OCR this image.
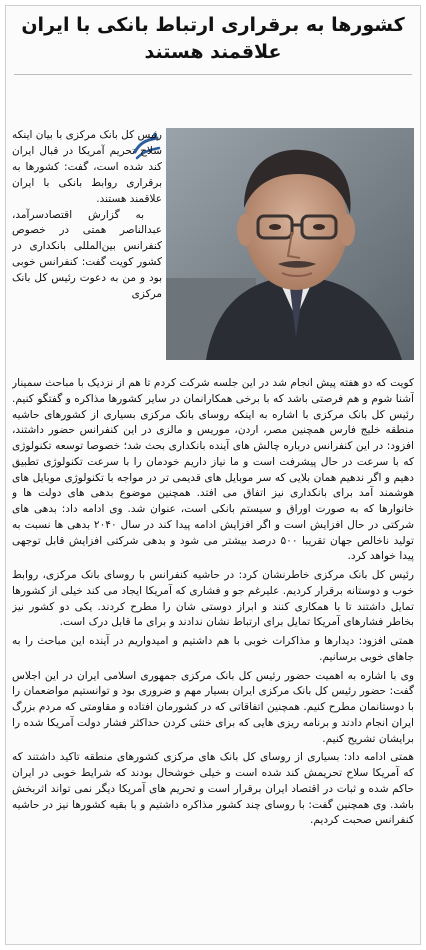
کشورها به برقراری ارتباط بانکی با ایران
علاقمند هستند

رئیس کل بانک مرکزی با بیان اینکه سلاح تحریم آمریکا در قبال ایران کند شده است، گفت: کشورها به برقراری روابط بانکی با ایران علاقمند هستند.

به گزارش اقتصادسرآمد، عبدالناصر همتی در خصوص کنفرانس بین‌المللی بانکداری در کشور کویت گفت: کنفرانس خوبی بود و من به دعوت رئیس کل بانک مرکزی

کویت که دو هفته پیش انجام شد در این جلسه شرکت کردم تا هم از نزدیک با مباحث سمینار آشنا شوم و هم فرصتی باشد که با برخی همکارانمان در سایر کشورها مذاکره و گفتگو کنیم. رئیس کل بانک مرکزی با اشاره به اینکه روسای بانک مرکزی بسیاری از کشورهای حاشیه منطقه خلیج فارس همچنین مصر، اردن، موریس و مالزی در این کنفرانس حضور داشتند، افزود: در این کنفرانس درباره چالش های آینده بانکداری بحث شد؛ خصوصا توسعه تکنولوژی که با سرعت در حال پیشرفت است و ما نیاز داریم خودمان را با سرعت تکنولوژی تطبیق دهیم و اگر ندهیم همان بلایی که سر موبایل های قدیمی تر در مواجه با تکنولوژی موبایل های هوشمند آمد برای بانکداری نیز اتفاق می افتد. همچنین موضوع بدهی های دولت ها و خانوارها که به صورت اوراق و سیستم بانکی است، عنوان شد. وی ادامه داد: بدهی های شرکتی در حال افزایش است و اگر افزایش ادامه پیدا کند در سال ۲۰۴۰ بدهی ها نسبت به تولید ناخالص جهان تقریبا ۵۰۰ درصد بیشتر می شود و بدهی شرکتی افزایش قابل توجهی پیدا خواهد کرد.

رئیس کل بانک مرکزی خاطرنشان کرد: در حاشیه کنفرانس با روسای بانک مرکزی، روابط خوب و دوستانه برقرار کردیم. علیرغم جو و فشاری که آمریکا ایجاد می کند خیلی از کشورها تمایل داشتند تا با همکاری کنند و ابراز دوستی شان را مطرح کردند. یکی دو کشور نیز بخاطر فشارهای آمریکا تمایل برای ارتباط نشان ندادند و برای ما قابل درک است.

همتی افزود: دیدارها و مذاکرات خوبی با هم داشتیم و امیدواریم در آینده این مباحث را به جاهای خوبی برسانیم.

وی با اشاره به اهمیت حضور رئیس کل بانک مرکزی جمهوری اسلامی ایران در این اجلاس گفت: حضور رئیس کل بانک مرکزی ایران بسیار مهم و ضروری بود و توانستیم مواضعمان را با دوستانمان مطرح کنیم. همچنین اتفاقاتی که در کشورمان افتاده و مقاومتی که مردم بزرگ ایران انجام دادند و برنامه ریزی هایی که برای خنثی کردن حداکثر فشار دولت آمریکا شده را برایشان تشریح کنیم.

همتی ادامه داد: بسیاری از روسای کل بانک های مرکزی کشورهای منطقه تاکید داشتند که که آمریکا سلاح تحریمش کند شده است و خیلی خوشحال بودند که شرایط خوبی در ایران حاکم شده و ثبات در اقتصاد ایران برقرار است و تحریم های آمریکا دیگر نمی تواند اثربخش باشد. وی همچنین گفت: با روسای چند کشور مذاکره داشتیم و با بقیه کشورها نیز در حاشیه کنفرانس صحبت کردیم.
